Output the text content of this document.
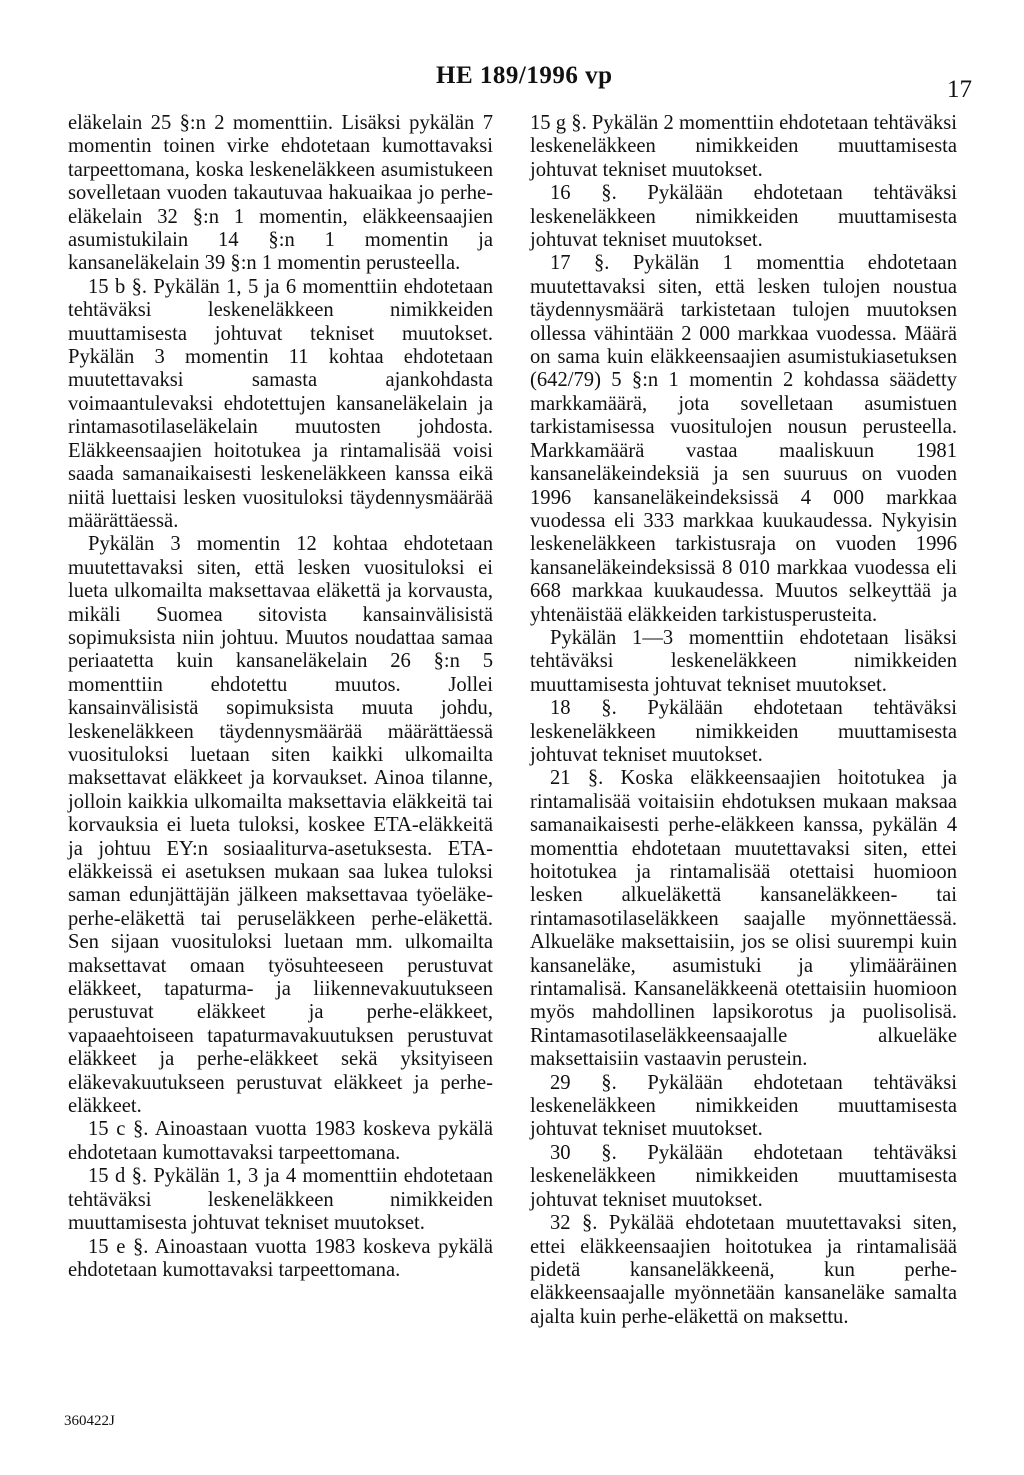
HE 189/1996 vp
17

eläkelain 25 §:n 2 momenttiin. Lisäksi pykälän 7 momentin toinen virke ehdotetaan kumottavaksi tarpeettomana, koska leskeneläkkeen asumistukeen sovelletaan vuoden takautuvaa hakuaikaa jo perhe-eläkelain 32 §:n 1 momentin, eläkkeensaajien asumistukilain 14 §:n 1 momentin ja kansaneläkelain 39 §:n 1 momentin perusteella.

15 b §. Pykälän 1, 5 ja 6 momenttiin ehdotetaan tehtäväksi leskeneläkkeen nimikkeiden muuttamisesta johtuvat tekniset muutokset. Pykälän 3 momentin 11 kohtaa ehdotetaan muutettavaksi samasta ajankohdasta voimaantulevaksi ehdotettujen kansaneläkelain ja rintamasotilaseläkelain muutosten johdosta. Eläkkeensaajien hoitotukea ja rintamalisää voisi saada samanaikaisesti leskeneläkkeen kanssa eikä niitä luettaisi lesken vuosituloksi täydennysmäärää määrättäessä.

Pykälän 3 momentin 12 kohtaa ehdotetaan muutettavaksi siten, että lesken vuosituloksi ei lueta ulkomailta maksettavaa eläkettä ja korvausta, mikäli Suomea sitovista kansainvälisistä sopimuksista niin johtuu. Muutos noudattaa samaa periaatetta kuin kansaneläkelain 26 §:n 5 momenttiin ehdotettu muutos. Jollei kansainvälisistä sopimuksista muuta johdu, leskeneläkkeen täydennysmäärää määrättäessä vuosituloksi luetaan siten kaikki ulkomailta maksettavat eläkkeet ja korvaukset. Ainoa tilanne, jolloin kaikkia ulkomailta maksettavia eläkkeitä tai korvauksia ei lueta tuloksi, koskee ETA-eläkkeitä ja johtuu EY:n sosiaaliturva-asetuksesta. ETA-eläkkeissä ei asetuksen mukaan saa lukea tuloksi saman edunjättäjän jälkeen maksettavaa työeläke-perhe-eläkettä tai peruseläkkeen perhe-eläkettä. Sen sijaan vuosituloksi luetaan mm. ulkomailta maksettavat omaan työsuhteeseen perustuvat eläkkeet, tapaturma- ja liikennevakuutukseen perustuvat eläkkeet ja perhe-eläkkeet, vapaaehtoiseen tapaturmavakuutuksen perustuvat eläkkeet ja perhe-eläkkeet sekä yksityiseen eläkevakuutukseen perustuvat eläkkeet ja perhe-eläkkeet.

15 c §. Ainoastaan vuotta 1983 koskeva pykälä ehdotetaan kumottavaksi tarpeettomana.

15 d §. Pykälän 1, 3 ja 4 momenttiin ehdotetaan tehtäväksi leskeneläkkeen nimikkeiden muuttamisesta johtuvat tekniset muutokset.

15 e §. Ainoastaan vuotta 1983 koskeva pykälä ehdotetaan kumottavaksi tarpeettomana.

15 g §. Pykälän 2 momenttiin ehdotetaan tehtäväksi leskeneläkkeen nimikkeiden muuttamisesta johtuvat tekniset muutokset.

16 §. Pykälään ehdotetaan tehtäväksi leskeneläkkeen nimikkeiden muuttamisesta johtuvat tekniset muutokset.

17 §. Pykälän 1 momenttia ehdotetaan muutettavaksi siten, että lesken tulojen noustua täydennysmäärä tarkistetaan tulojen muutoksen ollessa vähintään 2 000 markkaa vuodessa. Määrä on sama kuin eläkkeensaajien asumistukiasetuksen (642/79) 5 §:n 1 momentin 2 kohdassa säädetty markkamäärä, jota sovelletaan asumistuen tarkistamisessa vuositulojen nousun perusteella. Markkamäärä vastaa maaliskuun 1981 kansaneläkeindeksiä ja sen suuruus on vuoden 1996 kansaneläkeindeksissä 4 000 markkaa vuodessa eli 333 markkaa kuukaudessa. Nykyisin leskeneläkkeen tarkistusraja on vuoden 1996 kansaneläkeindeksissä 8 010 markkaa vuodessa eli 668 markkaa kuukaudessa. Muutos selkeyttää ja yhtenäistää eläkkeiden tarkistusperusteita.

Pykälän 1—3 momenttiin ehdotetaan lisäksi tehtäväksi leskeneläkkeen nimikkeiden muuttamisesta johtuvat tekniset muutokset.

18 §. Pykälään ehdotetaan tehtäväksi leskeneläkkeen nimikkeiden muuttamisesta johtuvat tekniset muutokset.

21 §. Koska eläkkeensaajien hoitotukea ja rintamalisää voitaisiin ehdotuksen mukaan maksaa samanaikaisesti perhe-eläkkeen kanssa, pykälän 4 momenttia ehdotetaan muutettavaksi siten, ettei hoitotukea ja rintamalisää otettaisi huomioon lesken alkueläkettä kansaneläkkeen- tai rintamasotilaseläkkeen saajalle myönnettäessä. Alkueläke maksettaisiin, jos se olisi suurempi kuin kansaneläke, asumistuki ja ylimääräinen rintamalisä. Kansaneläkkeenä otettaisiin huomioon myös mahdollinen lapsikorotus ja puolisolisä. Rintamasotilaseläkkeensaajalle alkueläke maksettaisiin vastaavin perustein.

29 §. Pykälään ehdotetaan tehtäväksi leskeneläkkeen nimikkeiden muuttamisesta johtuvat tekniset muutokset.

30 §. Pykälään ehdotetaan tehtäväksi leskeneläkkeen nimikkeiden muuttamisesta johtuvat tekniset muutokset.

32 §. Pykälää ehdotetaan muutettavaksi siten, ettei eläkkeensaajien hoitotukea ja rintamalisää pidetä kansaneläkkeenä, kun perhe-eläkkeensaajalle myönnetään kansaneläke samalta ajalta kuin perhe-eläkettä on maksettu.

360422J
